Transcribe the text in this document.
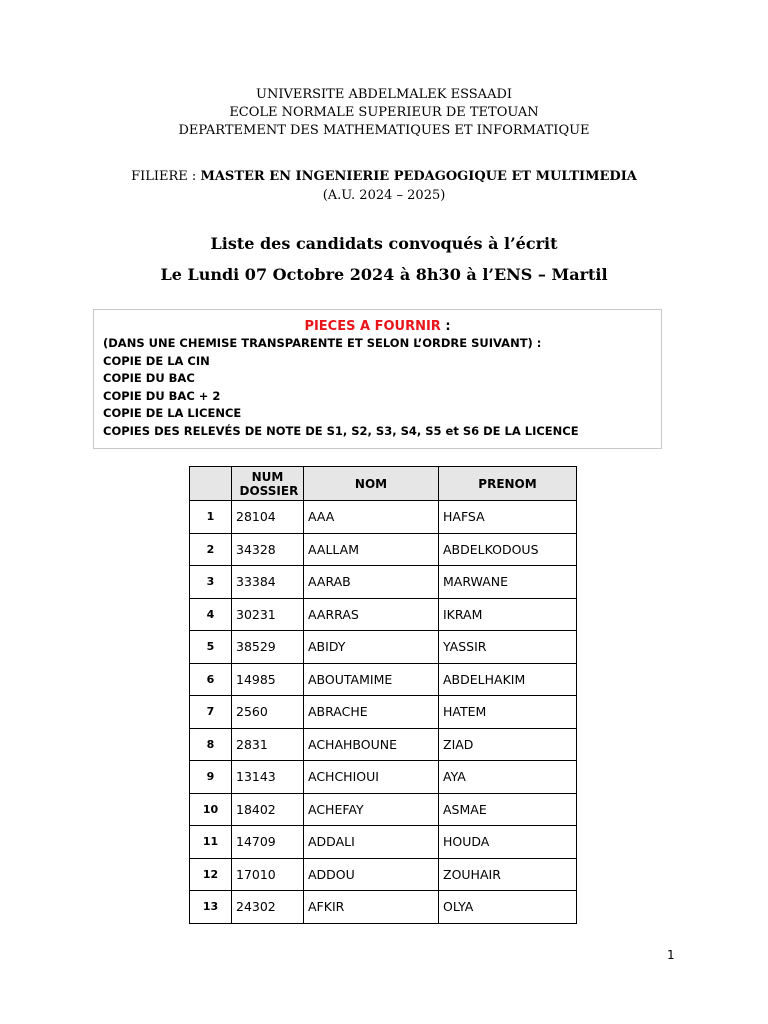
UNIVERSITE ABDELMALEK ESSAADI
ECOLE NORMALE SUPERIEUR DE TETOUAN
DEPARTEMENT DES MATHEMATIQUES ET INFORMATIQUE
FILIERE : MASTER EN INGENIERIE PEDAGOGIQUE ET MULTIMEDIA
(A.U. 2024 – 2025)
Liste des candidats convoqués à l’écrit
Le Lundi 07 Octobre 2024 à 8h30 à l’ENS – Martil
PIECES A FOURNIR :
(DANS UNE CHEMISE TRANSPARENTE ET SELON L’ORDRE SUIVANT) :
COPIE DE LA CIN
COPIE DU BAC
COPIE DU BAC + 2
COPIE DE LA LICENCE
COPIES DES RELEVÉS DE NOTE DE S1, S2, S3, S4, S5 et S6 DE LA LICENCE

	NUM DOSSIER	NOM	PRENOM
1	28104	AAA	HAFSA
2	34328	AALLAM	ABDELKODOUS
3	33384	AARAB	MARWANE
4	30231	AARRAS	IKRAM
5	38529	ABIDY	YASSIR
6	14985	ABOUTAMIME	ABDELHAKIM
7	2560	ABRACHE	HATEM
8	2831	ACHAHBOUNE	ZIAD
9	13143	ACHCHIOUI	AYA
10	18402	ACHEFAY	ASMAE
11	14709	ADDALI	HOUDA
12	17010	ADDOU	ZOUHAIR
13	24302	AFKIR	OLYA
1
